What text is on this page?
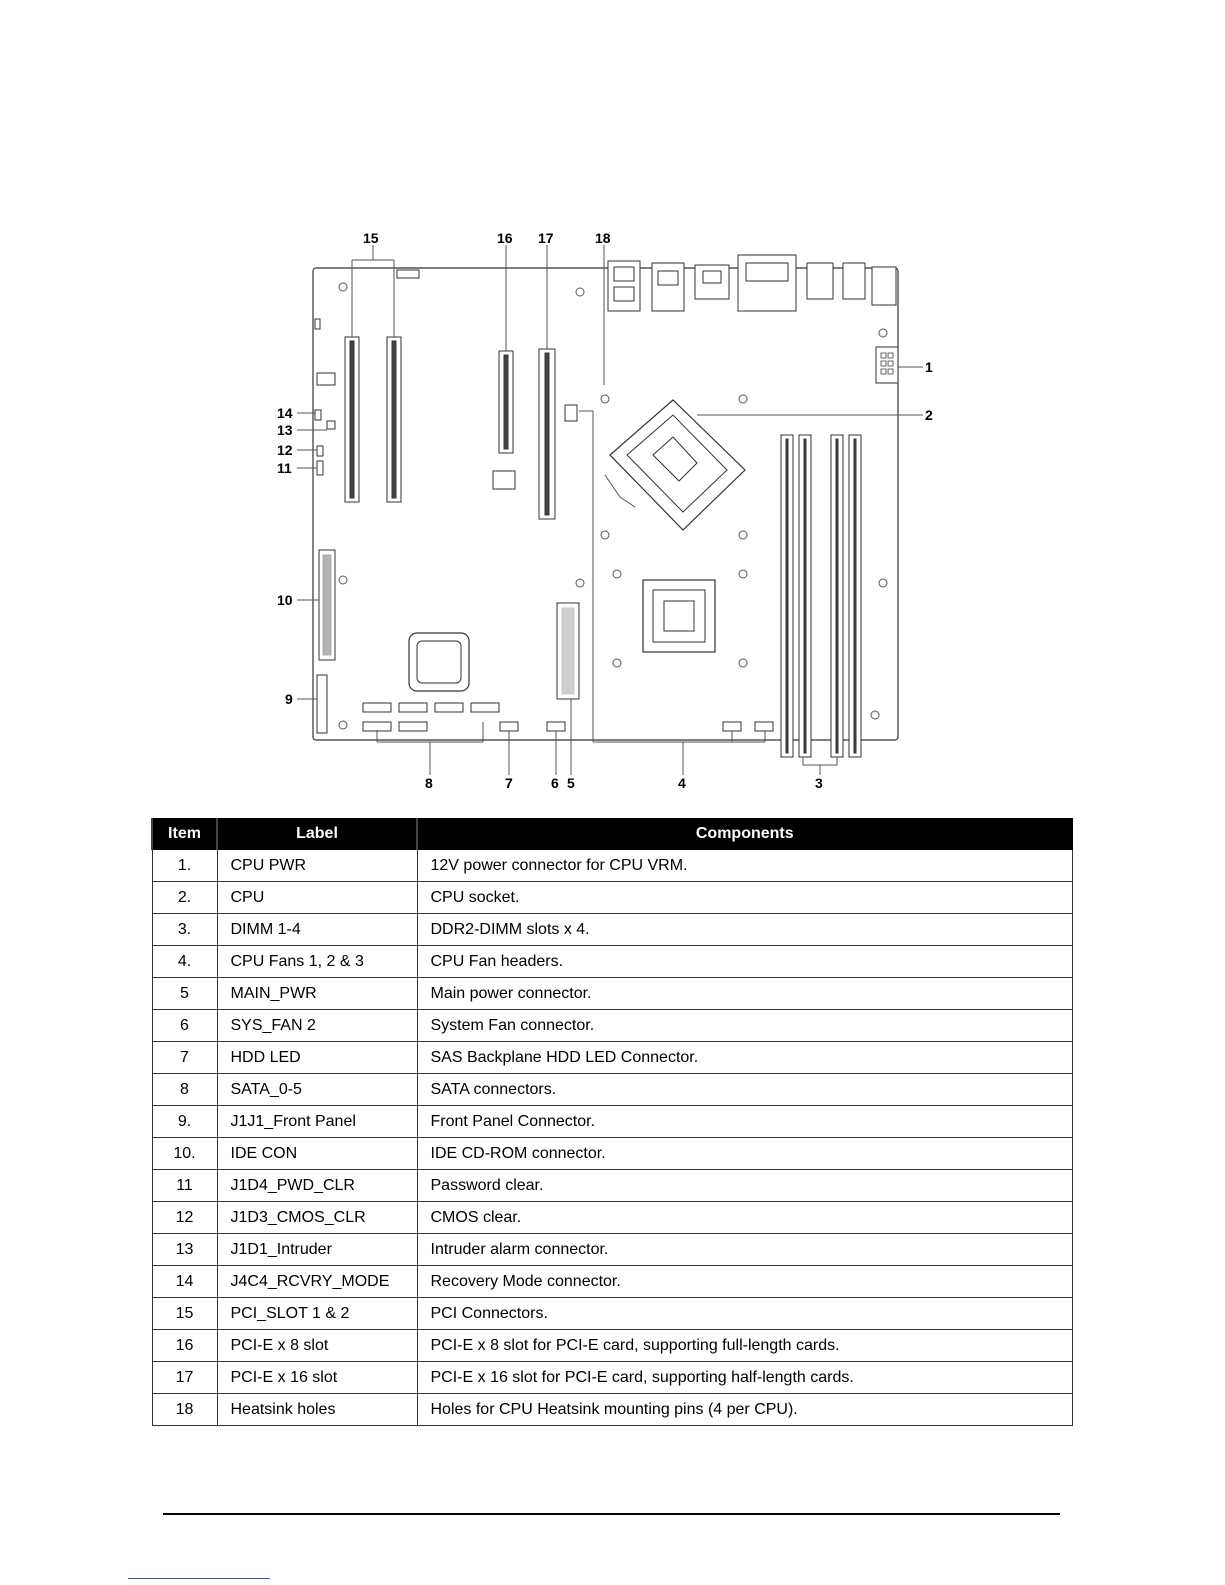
15	16 17	18
1
2
14
13
12
11
10
9
8	7	6 5	4	3
Item	Label	Components
1.	CPU PWR	12V power connector for CPU VRM.
2.	CPU	CPU socket.
3.	DIMM 1-4	DDR2-DIMM slots x 4.
4.	CPU Fans 1, 2 & 3	CPU Fan headers.
5	MAIN_PWR	Main power connector.
6	SYS_FAN 2	System Fan connector.
7	HDD LED	SAS Backplane HDD LED Connector.
8	SATA_0-5	SATA connectors.
9.	J1J1_Front Panel	Front Panel Connector.
10.	IDE CON	IDE CD-ROM connector.
11	J1D4_PWD_CLR	Password clear.
12	J1D3_CMOS_CLR	CMOS clear.
13	J1D1_Intruder	Intruder alarm connector.
14	J4C4_RCVRY_MODE	Recovery Mode connector.
15	PCI_SLOT 1 & 2	PCI Connectors.
16	PCI-E x 8 slot	PCI-E x 8 slot for PCI-E card, supporting full-length cards.
17	PCI-E x 16 slot	PCI-E x 16 slot for PCI-E card, supporting half-length cards.
18	Heatsink holes	Holes for CPU Heatsink mounting pins (4 per CPU).
